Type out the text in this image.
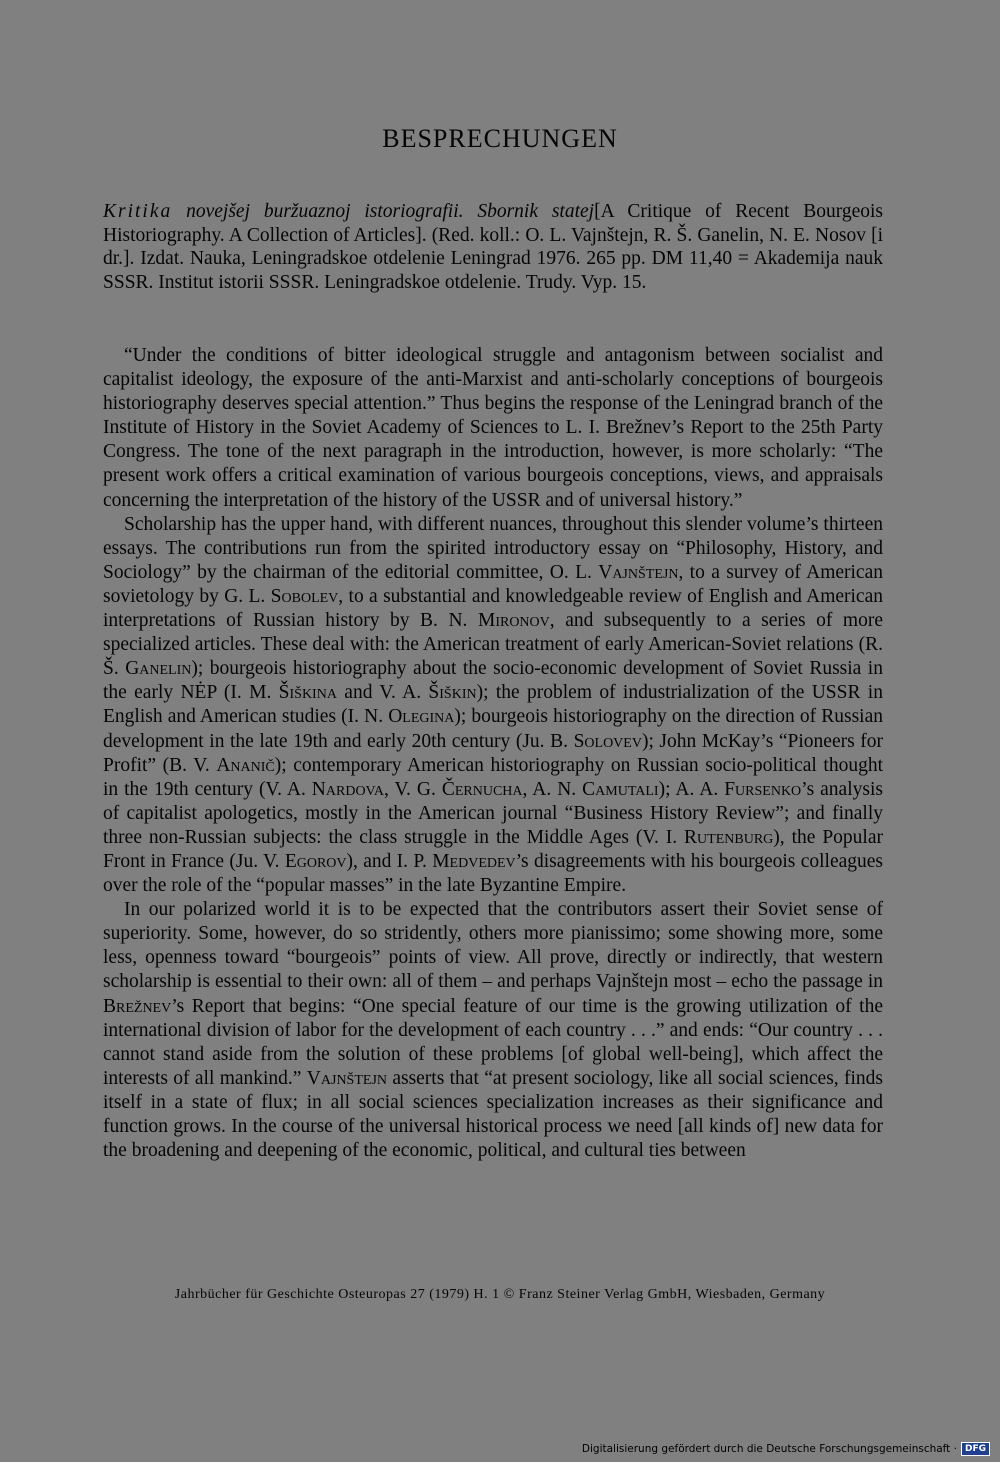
BESPRECHUNGEN

Kritika novejšej buržuaznoj istoriografii. Sbornik statej[A Critique of Recent Bourgeois Historiography. A Collection of Articles]. (Red. koll.: O. L. Vajnštejn, R. Š. Ganelin, N. E. Nosov [i dr.]. Izdat. Nauka, Leningradskoe otdelenie Leningrad 1976. 265 pp. DM 11,40 = Akademija nauk SSSR. Institut istorii SSSR. Leningradskoe otdelenie. Trudy. Vyp. 15.

“Under the conditions of bitter ideological struggle and antagonism between socialist and capitalist ideology, the exposure of the anti-Marxist and anti-scholarly conceptions of bourgeois historiography deserves special attention.” Thus begins the response of the Leningrad branch of the Institute of History in the Soviet Academy of Sciences to L. I. Brežnev’s Report to the 25th Party Congress. The tone of the next paragraph in the introduction, however, is more scholarly: “The present work offers a critical examination of various bourgeois conceptions, views, and appraisals concerning the interpretation of the history of the USSR and of universal history.”

Scholarship has the upper hand, with different nuances, throughout this slender volume’s thirteen essays. The contributions run from the spirited introductory essay on “Philosophy, History, and Sociology” by the chairman of the editorial committee, O. L. Vajnštejn, to a survey of American sovietology by G. L. Sobolev, to a substantial and knowledgeable review of English and American interpretations of Russian history by B. N. Mironov, and subsequently to a series of more specialized articles. These deal with: the American treatment of early American-Soviet relations (R. Š. Ganelin); bourgeois historiography about the socio-economic development of Soviet Russia in the early NĖP (I. M. Šiškina and V. A. Šiškin); the problem of industrialization of the USSR in English and American studies (I. N. Olegina); bourgeois historiography on the direction of Russian development in the late 19th and early 20th century (Ju. B. Solovev); John McKay’s “Pioneers for Profit” (B. V. Ananič); contemporary American historiography on Russian socio-political thought in the 19th century (V. A. Nardova, V. G. Černucha, A. N. Camutali); A. A. Fursenko’s analysis of capitalist apologetics, mostly in the American journal “Business History Review”; and finally three non-Russian subjects: the class struggle in the Middle Ages (V. I. Rutenburg), the Popular Front in France (Ju. V. Egorov), and I. P. Medvedev’s disagreements with his bourgeois colleagues over the role of the “popular masses” in the late Byzantine Empire.

In our polarized world it is to be expected that the contributors assert their Soviet sense of superiority. Some, however, do so stridently, others more pianissimo; some showing more, some less, openness toward “bourgeois” points of view. All prove, directly or indirectly, that western scholarship is essential to their own: all of them – and perhaps Vajnštejn most – echo the passage in Brežnev’s Report that begins: “One special feature of our time is the growing utilization of the international division of labor for the development of each country . . .” and ends: “Our country . . . cannot stand aside from the solution of these problems [of global well-being], which affect the interests of all mankind.” Vajnštejn asserts that “at present sociology, like all social sciences, finds itself in a state of flux; in all social sciences specialization increases as their significance and function grows. In the course of the universal historical process we need [all kinds of] new data for the broadening and deepening of the economic, political, and cultural ties between

Jahrbücher für Geschichte Osteuropas 27 (1979) H. 1 © Franz Steiner Verlag GmbH, Wiesbaden, Germany
Digitalisierung gefördert durch die Deutsche Forschungsgemeinschaft · DFG
